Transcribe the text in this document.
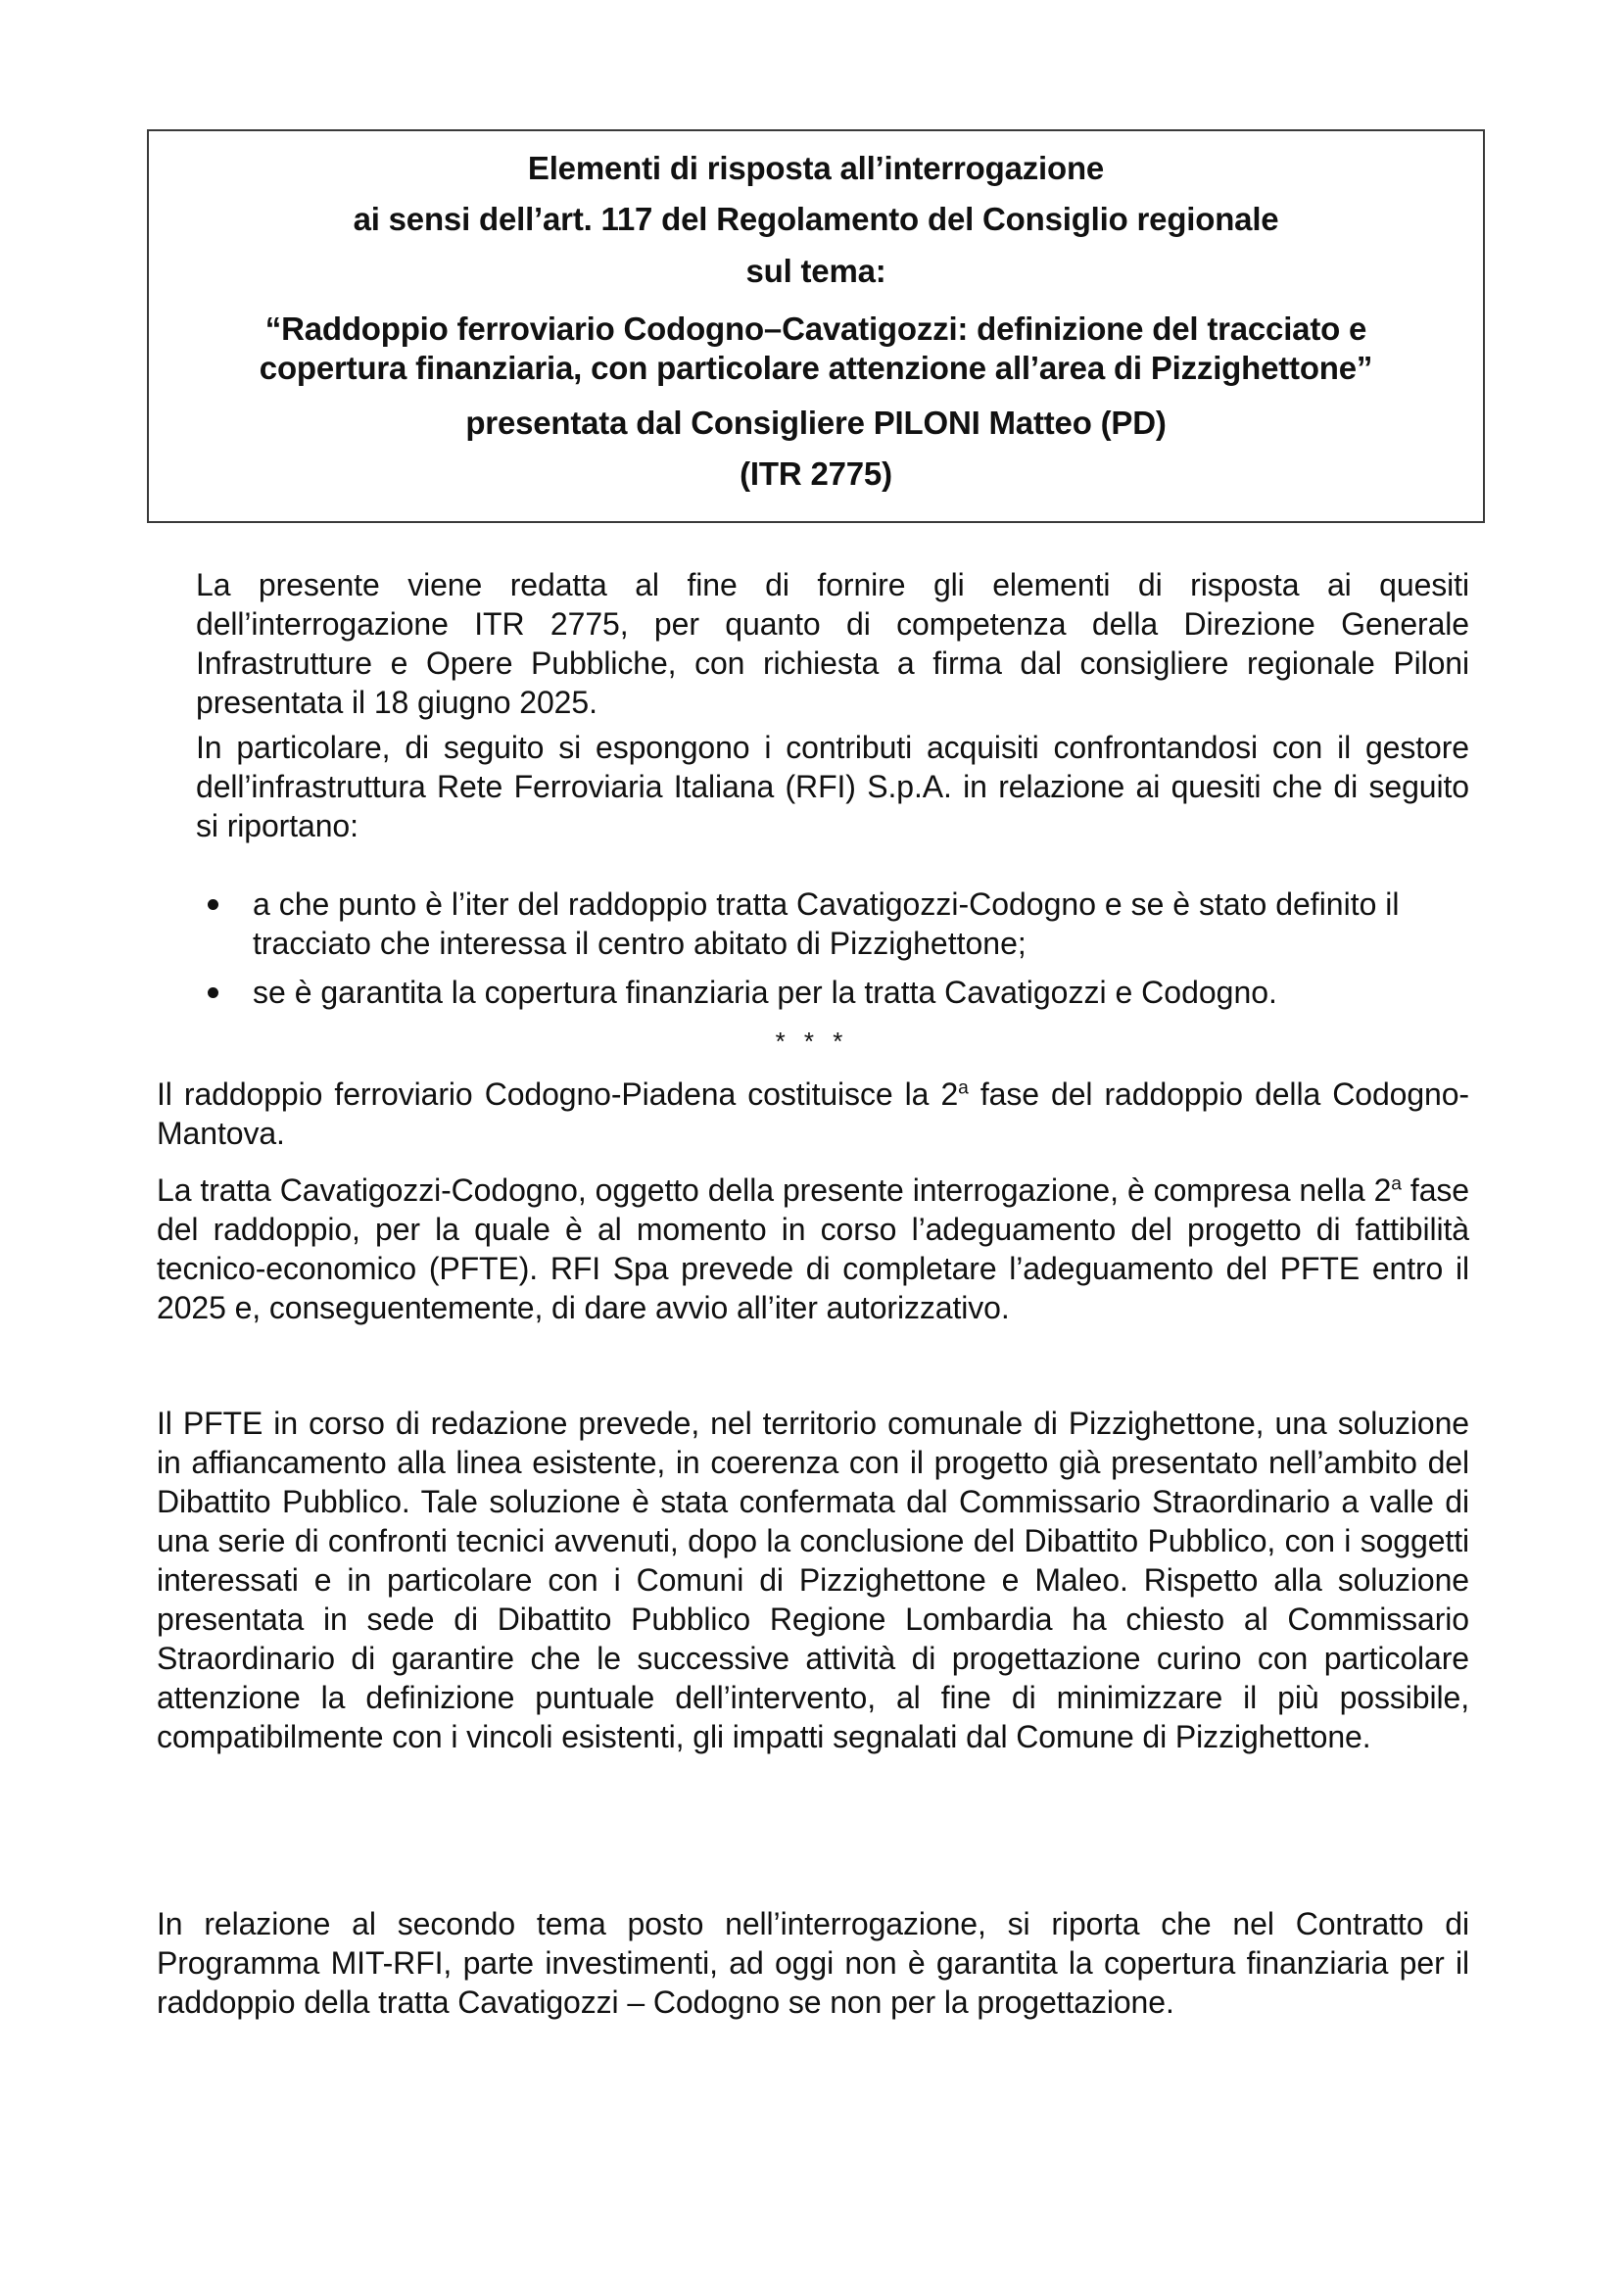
Elementi di risposta all’interrogazione
ai sensi dell’art. 117 del Regolamento del Consiglio regionale
sul tema:
“Raddoppio ferroviario Codogno–Cavatigozzi: definizione del tracciato e
copertura finanziaria, con particolare attenzione all’area di Pizzighettone”
presentata dal Consigliere PILONI Matteo (PD)
(ITR 2775)

La presente viene redatta al fine di fornire gli elementi di risposta ai quesiti dell’interrogazione ITR 2775, per quanto di competenza della Direzione Generale Infrastrutture e Opere Pubbliche, con richiesta a firma dal consigliere regionale Piloni presentata il 18 giugno 2025.

In particolare, di seguito si espongono i contributi acquisiti confrontandosi con il gestore dell’infrastruttura Rete Ferroviaria Italiana (RFI) S.p.A. in relazione ai quesiti che di seguito si riportano:

a che punto è l’iter del raddoppio tratta Cavatigozzi-Codogno e se è stato definito il tracciato che interessa il centro abitato di Pizzighettone;
se è garantita la copertura finanziaria per la tratta Cavatigozzi e Codogno.
* * *

Il raddoppio ferroviario Codogno-Piadena costituisce la 2$^a$ fase del raddoppio della Codogno-Mantova.

La tratta Cavatigozzi-Codogno, oggetto della presente interrogazione, è compresa nella 2$^a$ fase del raddoppio, per la quale è al momento in corso l’adeguamento del progetto di fattibilità tecnico-economico (PFTE). RFI Spa prevede di completare l’adeguamento del PFTE entro il 2025 e, conseguentemente, di dare avvio all’iter autorizzativo.

Il PFTE in corso di redazione prevede, nel territorio comunale di Pizzighettone, una soluzione in affiancamento alla linea esistente, in coerenza con il progetto già presentato nell’ambito del Dibattito Pubblico. Tale soluzione è stata confermata dal Commissario Straordinario a valle di una serie di confronti tecnici avvenuti, dopo la conclusione del Dibattito Pubblico, con i soggetti interessati e in particolare con i Comuni di Pizzighettone e Maleo. Rispetto alla soluzione presentata in sede di Dibattito Pubblico Regione Lombardia ha chiesto al Commissario Straordinario di garantire che le successive attività di progettazione curino con particolare attenzione la definizione puntuale dell’intervento, al fine di minimizzare il più possibile, compatibilmente con i vincoli esistenti, gli impatti segnalati dal Comune di Pizzighettone.

In relazione al secondo tema posto nell’interrogazione, si riporta che nel Contratto di Programma MIT-RFI, parte investimenti, ad oggi non è garantita la copertura finanziaria per il raddoppio della tratta Cavatigozzi – Codogno se non per la progettazione.
